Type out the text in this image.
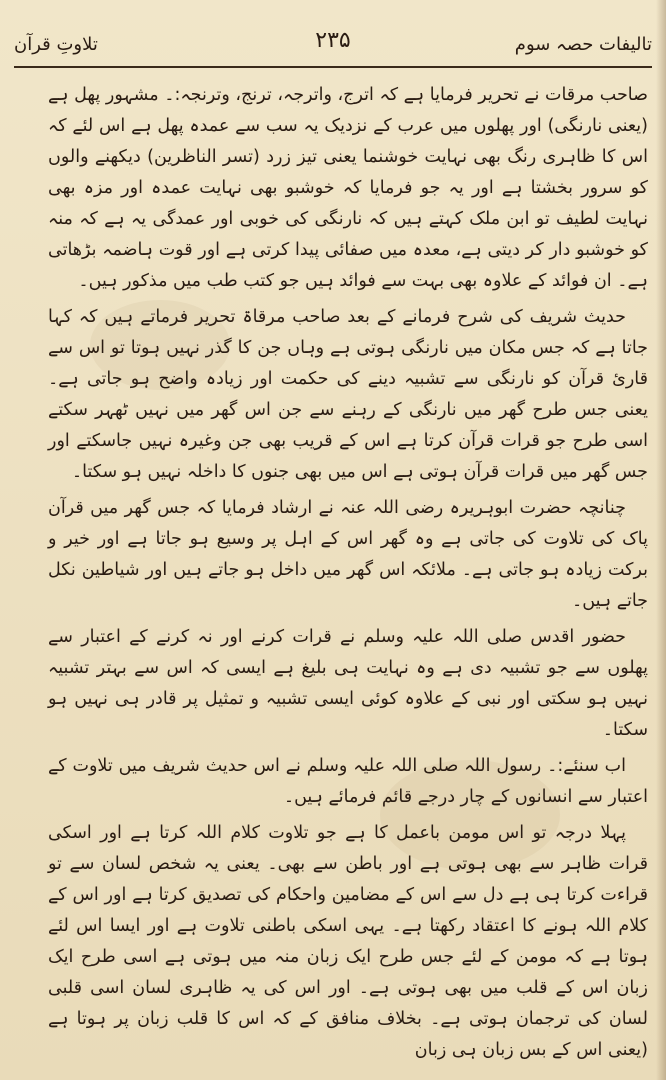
تالیفات حصہ سوم
۲۳۵
تلاوتِ قرآن

صاحب مرقات نے تحریر فرمایا ہے کہ اترج، واترجہ، ترنج، وترنجہ:۔ مشہور پھل ہے (یعنی نارنگی) اور پھلوں میں عرب کے نزدیک یہ سب سے عمدہ پھل ہے اس لئے کہ اس کا ظاہری رنگ بھی نہایت خوشنما یعنی تیز زرد (تسر الناظرین) دیکھنے والوں کو سرور بخشتا ہے اور یہ جو فرمایا کہ خوشبو بھی نہایت عمدہ اور مزہ بھی نہایت لطیف تو ابن ملک کہتے ہیں کہ نارنگی کی خوبی اور عمدگی یہ ہے کہ منہ کو خوشبو دار کر دیتی ہے، معدہ میں صفائی پیدا کرتی ہے اور قوت ہاضمہ بڑھاتی ہے۔ ان فوائد کے علاوہ بھی بہت سے فوائد ہیں جو کتب طب میں مذکور ہیں۔

حدیث شریف کی شرح فرمانے کے بعد صاحب مرقاۃ تحریر فرماتے ہیں کہ کہا جاتا ہے کہ جس مکان میں نارنگی ہوتی ہے وہاں جن کا گذر نہیں ہوتا تو اس سے قاریٔ قرآن کو نارنگی سے تشبیہ دینے کی حکمت اور زیادہ واضح ہو جاتی ہے۔ یعنی جس طرح گھر میں نارنگی کے رہنے سے جن اس گھر میں نہیں ٹھہر سکتے اسی طرح جو قرات قرآن کرتا ہے اس کے قریب بھی جن وغیرہ نہیں جاسکتے اور جس گھر میں قرات قرآن ہوتی ہے اس میں بھی جنوں کا داخلہ نہیں ہو سکتا۔

چنانچہ حضرت ابوہریرہ رضی اللہ عنہ نے ارشاد فرمایا کہ جس گھر میں قرآن پاک کی تلاوت کی جاتی ہے وہ گھر اس کے اہل پر وسیع ہو جاتا ہے اور خیر و برکت زیادہ ہو جاتی ہے۔ ملائکہ اس گھر میں داخل ہو جاتے ہیں اور شیاطین نکل جاتے ہیں۔

حضور اقدس صلی اللہ علیہ وسلم نے قرات کرنے اور نہ کرنے کے اعتبار سے پھلوں سے جو تشبیہ دی ہے وہ نہایت ہی بلیغ ہے ایسی کہ اس سے بہتر تشبیہ نہیں ہو سکتی اور نبی کے علاوہ کوئی ایسی تشبیہ و تمثیل پر قادر ہی نہیں ہو سکتا۔

اب سنئے:۔ رسول اللہ صلی اللہ علیہ وسلم نے اس حدیث شریف میں تلاوت کے اعتبار سے انسانوں کے چار درجے قائم فرمائے ہیں۔

پہلا درجہ تو اس مومن باعمل کا ہے جو تلاوت کلام اللہ کرتا ہے اور اسکی قرات ظاہر سے بھی ہوتی ہے اور باطن سے بھی۔ یعنی یہ شخص لسان سے تو قراءت کرتا ہی ہے دل سے اس کے مضامین واحکام کی تصدیق کرتا ہے اور اس کے کلام اللہ ہونے کا اعتقاد رکھتا ہے۔ یہی اسکی باطنی تلاوت ہے اور ایسا اس لئے ہوتا ہے کہ مومن کے لئے جس طرح ایک زبان منہ میں ہوتی ہے اسی طرح ایک زبان اس کے قلب میں بھی ہوتی ہے۔ اور اس کی یہ ظاہری لسان اسی قلبی لسان کی ترجمان ہوتی ہے۔ بخلاف منافق کے کہ اس کا قلب زبان پر ہوتا ہے (یعنی اس کے بس زبان ہی زبان
